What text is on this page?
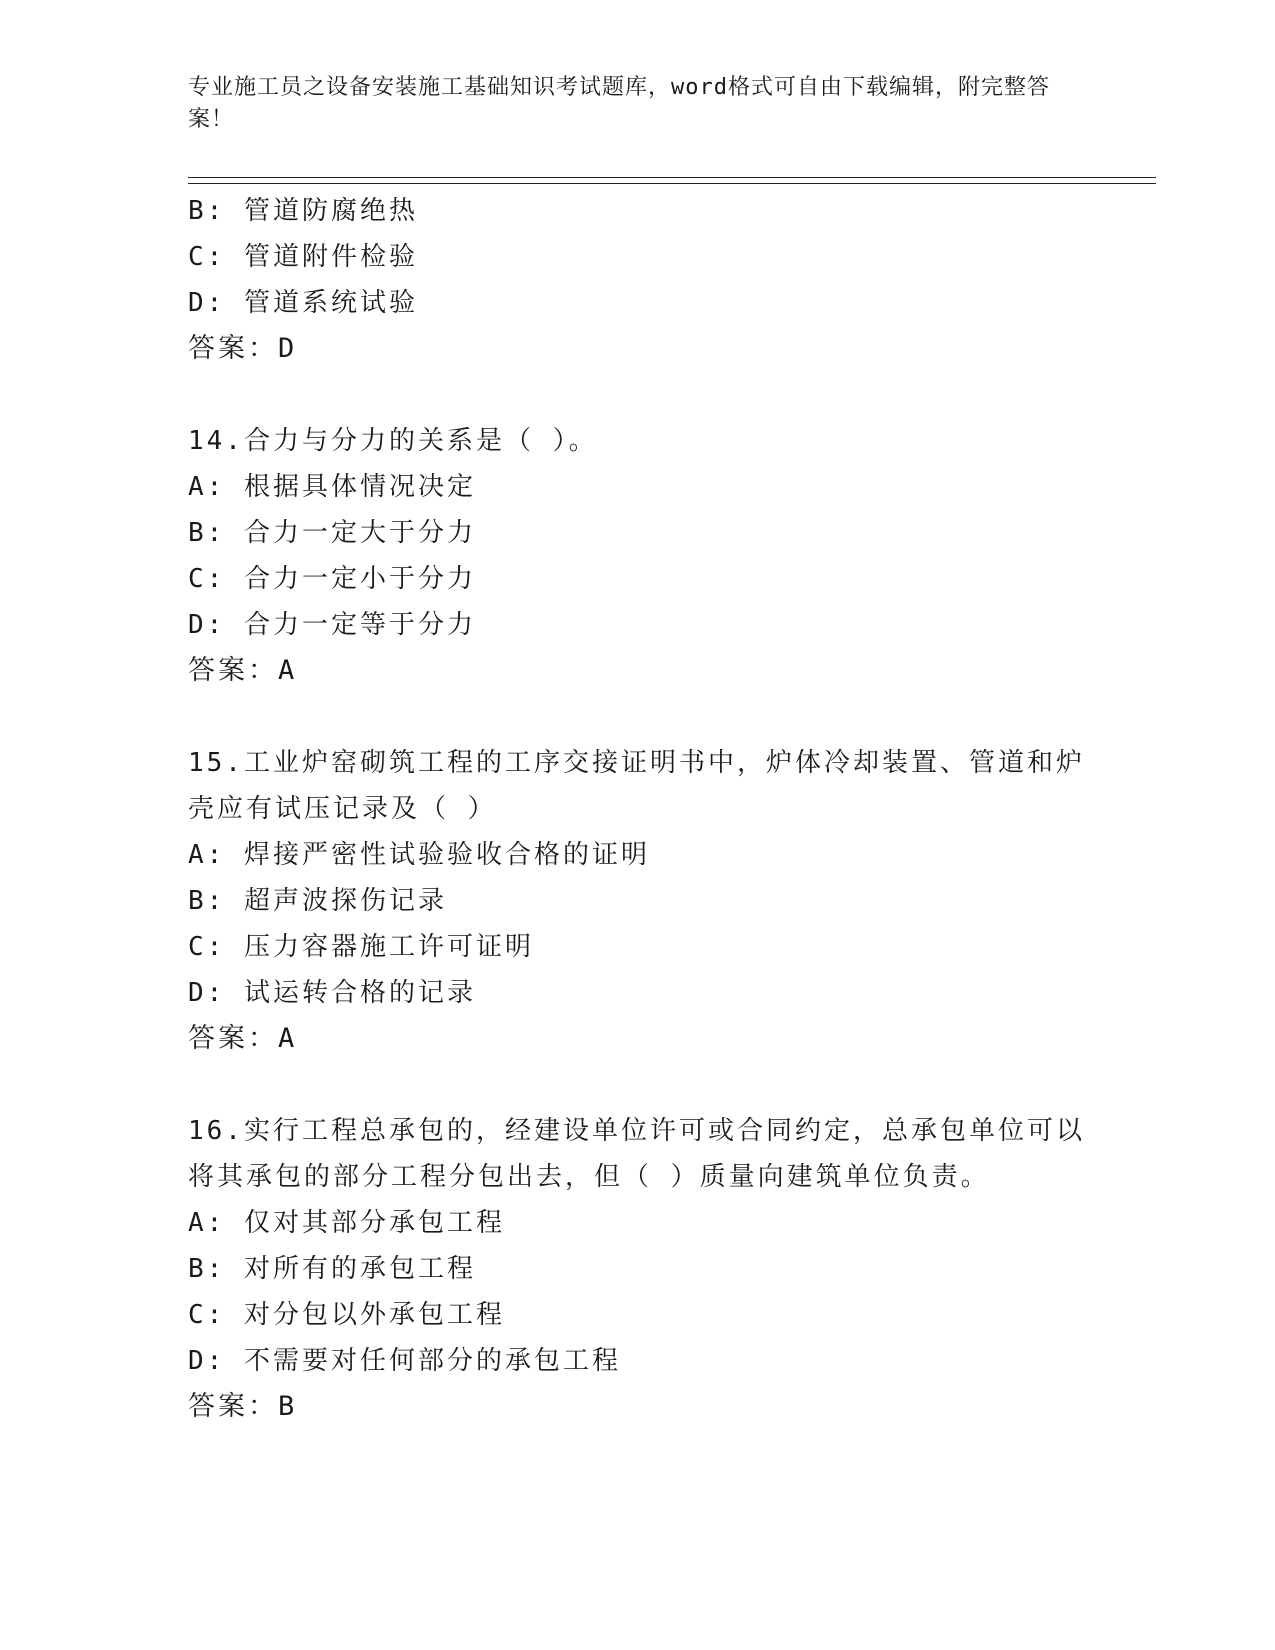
专业施工员之设备安装施工基础知识考试题库，word格式可自由下载编辑，附完整答案！
B: 管道防腐绝热
C: 管道附件检验
D: 管道系统试验
答案：D
14.合力与分力的关系是（ ）。
A: 根据具体情况决定
B: 合力一定大于分力
C: 合力一定小于分力
D: 合力一定等于分力
答案：A
15.工业炉窑砌筑工程的工序交接证明书中，炉体冷却装置、管道和炉
壳应有试压记录及（ ）
A: 焊接严密性试验验收合格的证明
B: 超声波探伤记录
C: 压力容器施工许可证明
D: 试运转合格的记录
答案：A
16.实行工程总承包的，经建设单位许可或合同约定，总承包单位可以
将其承包的部分工程分包出去，但（ ）质量向建筑单位负责。
A: 仅对其部分承包工程
B: 对所有的承包工程
C: 对分包以外承包工程
D: 不需要对任何部分的承包工程
答案：B
